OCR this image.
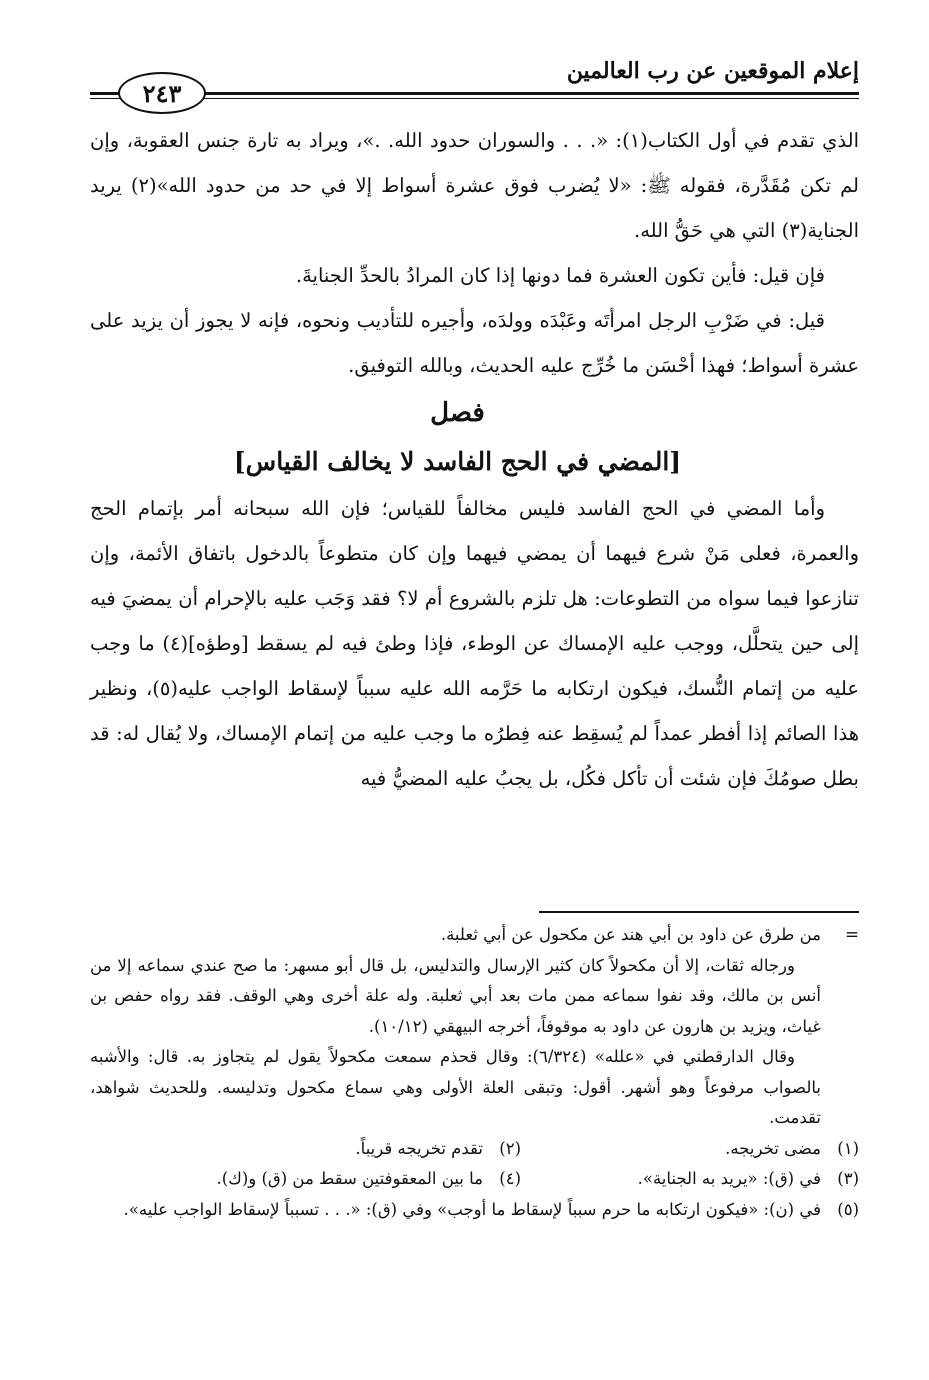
إعلام الموقعين عن رب العالمين
٢٤٣

الذي تقدم في أول الكتاب(١): «. . . والسوران حدود الله. .»، ويراد به تارة جنس العقوبة، وإن لم تكن مُقَدَّرة، فقوله ﷺ: «لا يُضرب فوق عشرة أسواط إلا في حد من حدود الله»(٢) يريد الجناية(٣) التي هي حَقُّ الله.

فإن قيل: فأين تكون العشرة فما دونها إذا كان المرادُ بالحدِّ الجنايةَ.

قيل: في ضَرْبِ الرجل امرأتَه وعَبْدَه وولدَه، وأجيره للتأديب ونحوه، فإنه لا يجوز أن يزيد على عشرة أسواط؛ فهذا أحْسَن ما خُرِّج عليه الحديث، وبالله التوفيق.

فصل

[المضي في الحج الفاسد لا يخالف القياس]

وأما المضي في الحج الفاسد فليس مخالفاً للقياس؛ فإن الله سبحانه أمر بإتمام الحج والعمرة، فعلى مَنْ شرع فيهما أن يمضي فيهما وإن كان متطوعاً بالدخول باتفاق الأئمة، وإن تنازعوا فيما سواه من التطوعات: هل تلزم بالشروع أم لا؟ فقد وَجَب عليه بالإحرام أن يمضيَ فيه إلى حين يتحلَّل، ووجب عليه الإمساك عن الوطء، فإذا وطئ فيه لم يسقط [وطؤه](٤) ما وجب عليه من إتمام النُّسك، فيكون ارتكابه ما حَرَّمه الله عليه سبباً لإسقاط الواجب عليه(٥)، ونظير هذا الصائم إذا أفطر عمداً لم يُسقِط عنه فِطرُه ما وجب عليه من إتمام الإمساك، ولا يُقال له: قد بطل صومُكَ فإن شئت أن تأكل فكُل، بل يجبُ عليه المضيُّ فيه

=
من طرق عن داود بن أبي هند عن مكحول عن أبي ثعلبة.

ورجاله ثقات، إلا أن مكحولاً كان كثير الإرسال والتدليس، بل قال أبو مسهر: ما صح عندي سماعه إلا من أنس بن مالك، وقد نفوا سماعه ممن مات بعد أبي ثعلبة. وله علة أخرى وهي الوقف. فقد رواه حفص بن غياث، ويزيد بن هارون عن داود به موقوفاً، أخرجه البيهقي (١٠/١٢).

وقال الدارقطني في «علله» (٦/٣٢٤): وقال قحذم سمعت مكحولاً يقول لم يتجاوز به. قال: والأشبه بالصواب مرفوعاً وهو أشهر. أقول: وتبقى العلة الأولى وهي سماع مكحول وتدليسه. وللحديث شواهد، تقدمت.

(١)
مضى تخريجه.
(٢)
تقدم تخريجه قريباً.
(٣)
في (ق): «يريد به الجناية».
(٤)
ما بين المعقوفتين سقط من (ق) و(ك).
(٥)
في (ن): «فيكون ارتكابه ما حرم سبباً لإسقاط ما أوجب» وفي (ق): «. . . تسبباً لإسقاط الواجب عليه».
